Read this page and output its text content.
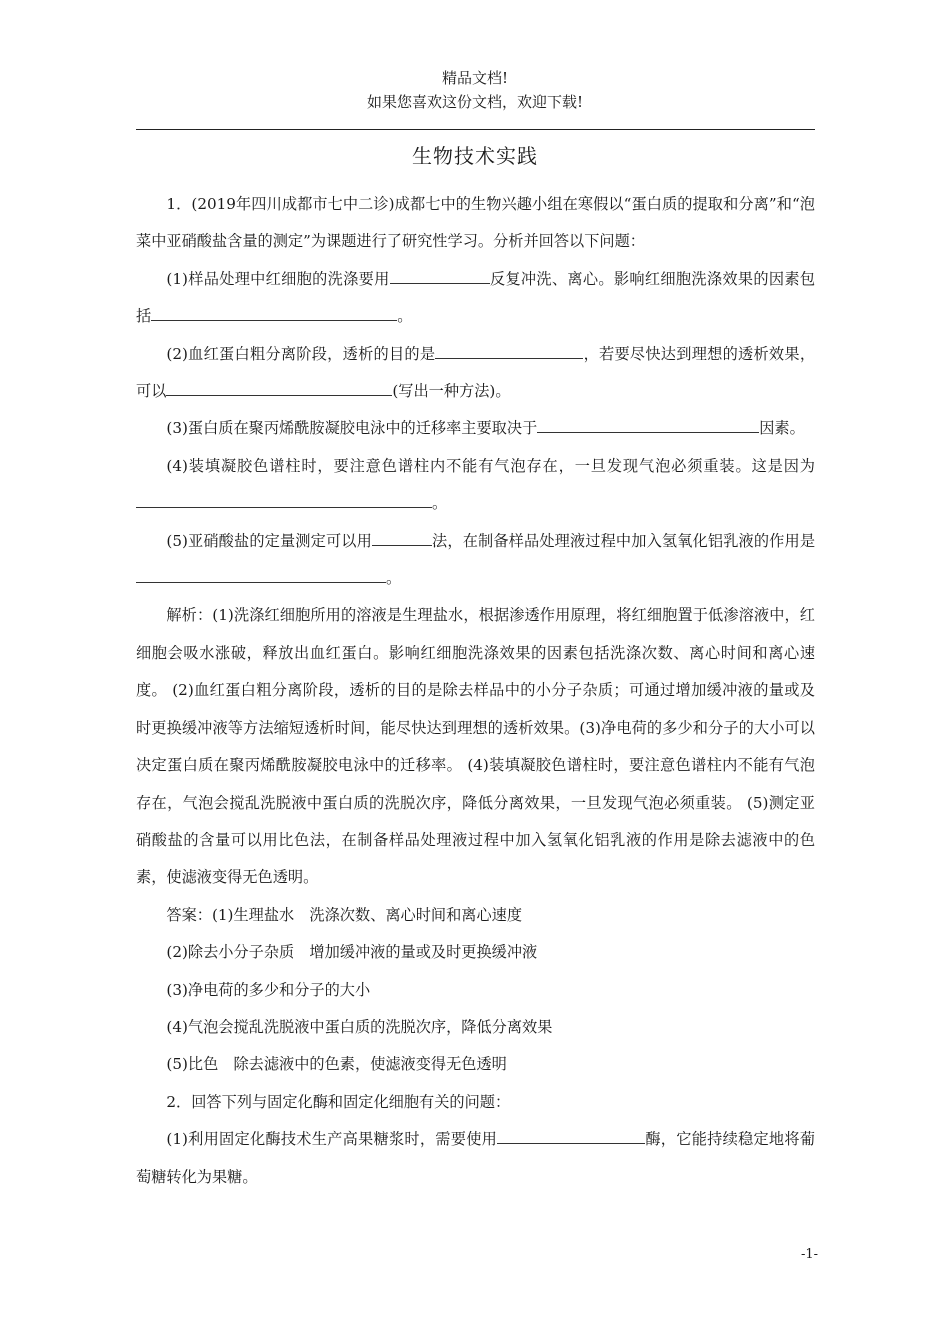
精品文档!
如果您喜欢这份文档，欢迎下载!
生物技术实践

1．(2019年四川成都市七中二诊)成都七中的生物兴趣小组在寒假以“蛋白质的提取和分离”和“泡菜中亚硝酸盐含量的测定”为课题进行了研究性学习。分析并回答以下问题：

(1)样品处理中红细胞的洗涤要用	反复冲洗、离心。影响红细胞洗涤效果的因素包括	。

(2)血红蛋白粗分离阶段，透析的目的是	，若要尽快达到理想的透析效果，可以	(写出一种方法)。

(3)蛋白质在聚丙烯酰胺凝胶电泳中的迁移率主要取决于	因素。

(4)装填凝胶色谱柱时，要注意色谱柱内不能有气泡存在，一旦发现气泡必须重装。这是因为。

(5)亚硝酸盐的定量测定可以用	法，在制备样品处理液过程中加入氢氧化铝乳液的作用是。

解析：(1)洗涤红细胞所用的溶液是生理盐水，根据渗透作用原理，将红细胞置于低渗溶液中，红细胞会吸水涨破，释放出血红蛋白。影响红细胞洗涤效果的因素包括洗涤次数、离心时间和离心速度。 (2)血红蛋白粗分离阶段，透析的目的是除去样品中的小分子杂质；可通过增加缓冲液的量或及时更换缓冲液等方法缩短透析时间，能尽快达到理想的透析效果。(3)净电荷的多少和分子的大小可以决定蛋白质在聚丙烯酰胺凝胶电泳中的迁移率。 (4)装填凝胶色谱柱时，要注意色谱柱内不能有气泡存在，气泡会搅乱洗脱液中蛋白质的洗脱次序，降低分离效果，一旦发现气泡必须重装。 (5)测定亚硝酸盐的含量可以用比色法，在制备样品处理液过程中加入氢氧化铝乳液的作用是除去滤液中的色素，使滤液变得无色透明。

答案：(1)生理盐水　洗涤次数、离心时间和离心速度

(2)除去小分子杂质　增加缓冲液的量或及时更换缓冲液

(3)净电荷的多少和分子的大小

(4)气泡会搅乱洗脱液中蛋白质的洗脱次序，降低分离效果

(5)比色　除去滤液中的色素，使滤液变得无色透明

2．回答下列与固定化酶和固定化细胞有关的问题：

(1)利用固定化酶技术生产高果糖浆时，需要使用	酶，它能持续稳定地将葡萄糖转化为果糖。

-1-
